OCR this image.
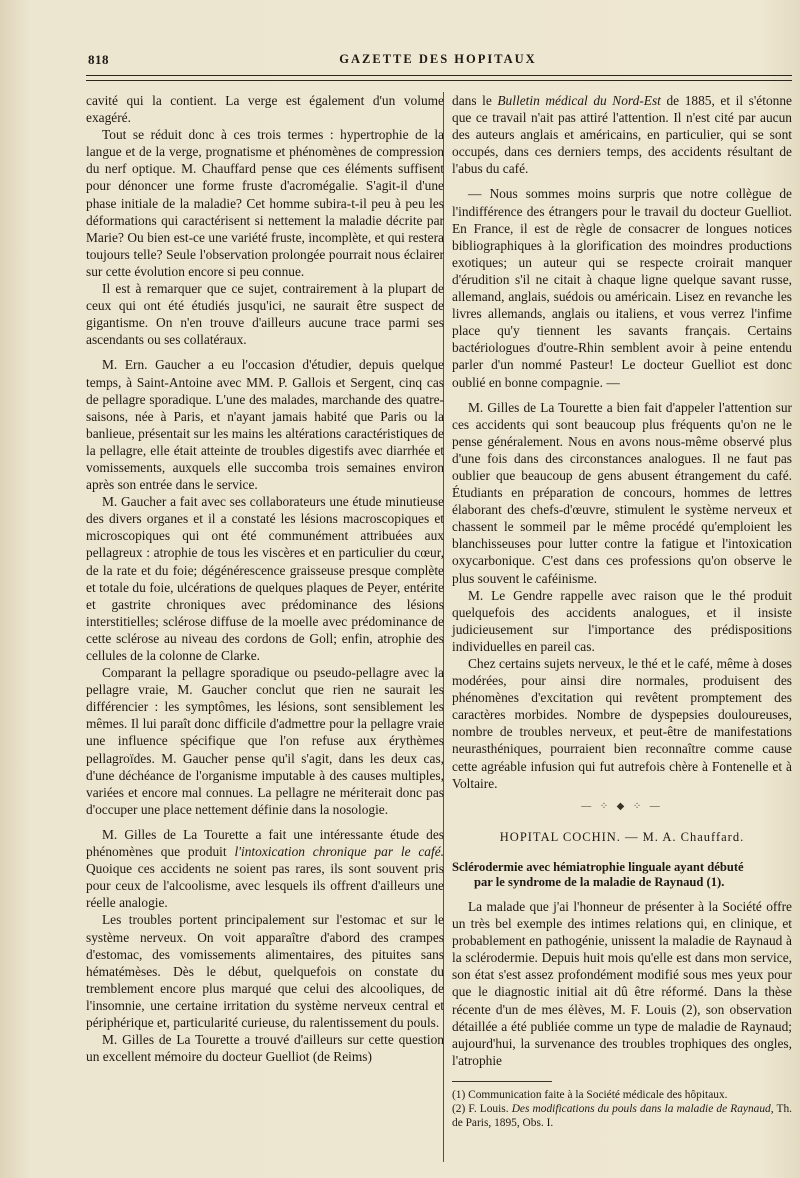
818	GAZETTE DES HOPITAUX

cavité qui la contient. La verge est également d'un volume exagéré.

Tout se réduit donc à ces trois termes : hypertrophie de la langue et de la verge, prognatisme et phénomènes de compression du nerf optique. M. Chauffard pense que ces éléments suffisent pour dénoncer une forme fruste d'acromégalie. S'agit-il d'une phase initiale de la maladie? Cet homme subira-t-il peu à peu les déformations qui caractérisent si nettement la maladie décrite par Marie? Ou bien est-ce une variété fruste, incomplète, et qui restera toujours telle? Seule l'observation prolongée pourrait nous éclairer sur cette évolution encore si peu connue.

Il est à remarquer que ce sujet, contrairement à la plupart de ceux qui ont été étudiés jusqu'ici, ne saurait être suspect de gigantisme. On n'en trouve d'ailleurs aucune trace parmi ses ascendants ou ses collatéraux.

M. Ern. Gaucher a eu l'occasion d'étudier, depuis quelque temps, à Saint-Antoine avec MM. P. Gallois et Sergent, cinq cas de pellagre sporadique. L'une des malades, marchande des quatre-saisons, née à Paris, et n'ayant jamais habité que Paris ou la banlieue, présentait sur les mains les altérations caractéristiques de la pellagre, elle était atteinte de troubles digestifs avec diarrhée et vomissements, auxquels elle succomba trois semaines environ après son entrée dans le service.

M. Gaucher a fait avec ses collaborateurs une étude minutieuse des divers organes et il a constaté les lésions macroscopiques et microscopiques qui ont été communément attribuées aux pellagreux : atrophie de tous les viscères et en particulier du cœur, de la rate et du foie; dégénérescence graisseuse presque complète et totale du foie, ulcérations de quelques plaques de Peyer, entérite et gastrite chroniques avec prédominance des lésions interstitielles; sclérose diffuse de la moelle avec prédominance de cette sclérose au niveau des cordons de Goll; enfin, atrophie des cellules de la colonne de Clarke.

Comparant la pellagre sporadique ou pseudo-pellagre avec la pellagre vraie, M. Gaucher conclut que rien ne saurait les différencier : les symptômes, les lésions, sont sensiblement les mêmes. Il lui paraît donc difficile d'admettre pour la pellagre vraie une influence spécifique que l'on refuse aux érythèmes pellagroïdes. M. Gaucher pense qu'il s'agit, dans les deux cas, d'une déchéance de l'organisme imputable à des causes multiples, variées et encore mal connues. La pellagre ne mériterait donc pas d'occuper une place nettement définie dans la nosologie.

M. Gilles de La Tourette a fait une intéressante étude des phénomènes que produit l'intoxication chronique par le café. Quoique ces accidents ne soient pas rares, ils sont souvent pris pour ceux de l'alcoolisme, avec lesquels ils offrent d'ailleurs une réelle analogie.

Les troubles portent principalement sur l'estomac et sur le système nerveux. On voit apparaître d'abord des crampes d'estomac, des vomissements alimentaires, des pituites sans hématémèses. Dès le début, quelquefois on constate du tremblement encore plus marqué que celui des alcooliques, de l'insomnie, une certaine irritation du système nerveux central et périphérique et, particularité curieuse, du ralentissement du pouls.

M. Gilles de La Tourette a trouvé d'ailleurs sur cette question un excellent mémoire du docteur Guelliot (de Reims)

dans le Bulletin médical du Nord-Est de 1885, et il s'étonne que ce travail n'ait pas attiré l'attention. Il n'est cité par aucun des auteurs anglais et américains, en particulier, qui se sont occupés, dans ces derniers temps, des accidents résultant de l'abus du café.

— Nous sommes moins surpris que notre collègue de l'indifférence des étrangers pour le travail du docteur Guelliot. En France, il est de règle de consacrer de longues notices bibliographiques à la glorification des moindres productions exotiques; un auteur qui se respecte croirait manquer d'érudition s'il ne citait à chaque ligne quelque savant russe, allemand, anglais, suédois ou américain. Lisez en revanche les livres allemands, anglais ou italiens, et vous verrez l'infime place qu'y tiennent les savants français. Certains bactériologues d'outre-Rhin semblent avoir à peine entendu parler d'un nommé Pasteur! Le docteur Guelliot est donc oublié en bonne compagnie. —

M. Gilles de La Tourette a bien fait d'appeler l'attention sur ces accidents qui sont beaucoup plus fréquents qu'on ne le pense généralement. Nous en avons nous-même observé plus d'une fois dans des circonstances analogues. Il ne faut pas oublier que beaucoup de gens abusent étrangement du café. Étudiants en préparation de concours, hommes de lettres élaborant des chefs-d'œuvre, stimulent le système nerveux et chassent le sommeil par le même procédé qu'emploient les blanchisseuses pour lutter contre la fatigue et l'intoxication oxycarbonique. C'est dans ces professions qu'on observe le plus souvent le caféinisme.

M. Le Gendre rappelle avec raison que le thé produit quelquefois des accidents analogues, et il insiste judicieusement sur l'importance des prédispositions individuelles en pareil cas.

Chez certains sujets nerveux, le thé et le café, même à doses modérées, pour ainsi dire normales, produisent des phénomènes d'excitation qui revêtent promptement des caractères morbides. Nombre de dyspepsies douloureuses, nombre de troubles nerveux, et peut-être de manifestations neurasthéniques, pourraient bien reconnaître comme cause cette agréable infusion qui fut autrefois chère à Fontenelle et à Voltaire.

— ⁘ ◆ ⁘ —
HOPITAL COCHIN. — M. A. Chauffard.
Sclérodermie avec hémiatrophie linguale ayant débuté
par le syndrome de la maladie de Raynaud (1).

La malade que j'ai l'honneur de présenter à la Société offre un très bel exemple des intimes relations qui, en clinique, et probablement en pathogénie, unissent la maladie de Raynaud à la sclérodermie. Depuis huit mois qu'elle est dans mon service, son état s'est assez profondément modifié sous mes yeux pour que le diagnostic initial ait dû être réformé. Dans la thèse récente d'un de mes élèves, M. F. Louis (2), son observation détaillée a été publiée comme un type de maladie de Raynaud; aujourd'hui, la survenance des troubles trophiques des ongles, l'atrophie

(1) Communication faite à la Société médicale des hôpitaux.
(2) F. Louis. Des modifications du pouls dans la maladie de Raynaud, Th. de Paris, 1895, Obs. I.
